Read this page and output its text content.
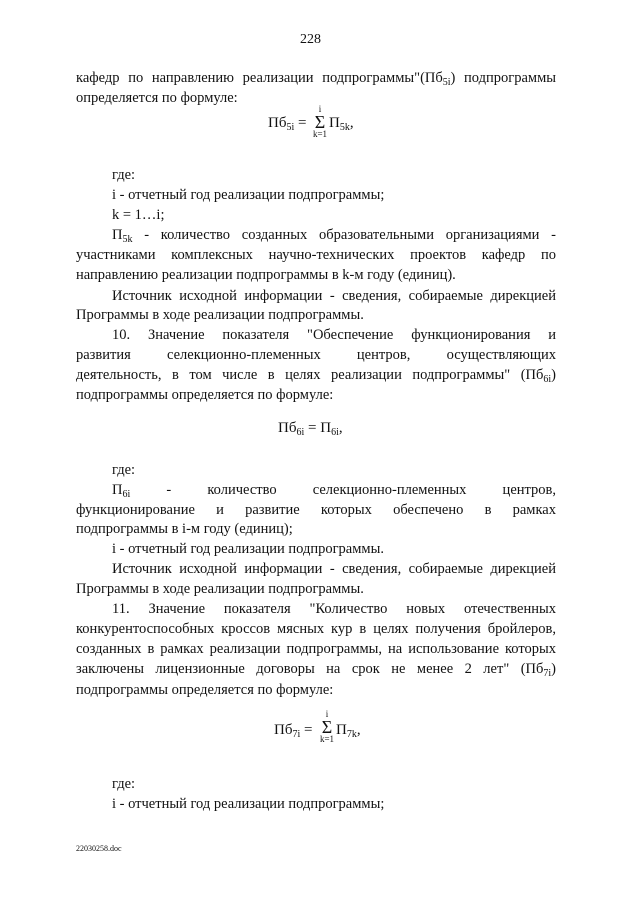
228
кафедр по направлению реализации $подпрограммы"(Пб_{5i})$ подпрограммы
определяется по формуле:
$Пб_{5i}$ =
i
Σ
k=1
$П_{5k}$,
где:
i - отчетный год реализации подпрограммы;
k = 1…i;
$П_{5k}$ - количество созданных образовательными организациями -
участниками комплексных научно-технических проектов кафедр по
направлению реализации подпрограммы в k-м году (единиц).
Источник исходной информации - сведения, собираемые дирекцией
Программы в ходе реализации подпрограммы.
10. Значение показателя "Обеспечение функционирования и
развития селекционно-племенных центров, осуществляющих
деятельность, в том числе в целях реализации подпрограммы" $(Пб_{6i})$
подпрограммы определяется по формуле:
$Пб_{6i} = П_{6i}$,
где:
$П_{6i}$ - количество селекционно-племенных центров,
функционирование и развитие которых обеспечено в рамках
подпрограммы в i-м году (единиц);
i - отчетный год реализации подпрограммы.
Источник исходной информации - сведения, собираемые дирекцией
Программы в ходе реализации подпрограммы.
11. Значение показателя "Количество новых отечественных
конкурентоспособных кроссов мясных кур в целях получения бройлеров,
созданных в рамках реализации подпрограммы, на использование которых
заключены лицензионные договоры на срок не менее 2 лет" $(Пб_{7i})$
подпрограммы определяется по формуле:
$Пб_{7i}$ =
i
Σ
k=1
$П_{7k}$,
где:
i - отчетный год реализации подпрограммы;
22030258.doc
